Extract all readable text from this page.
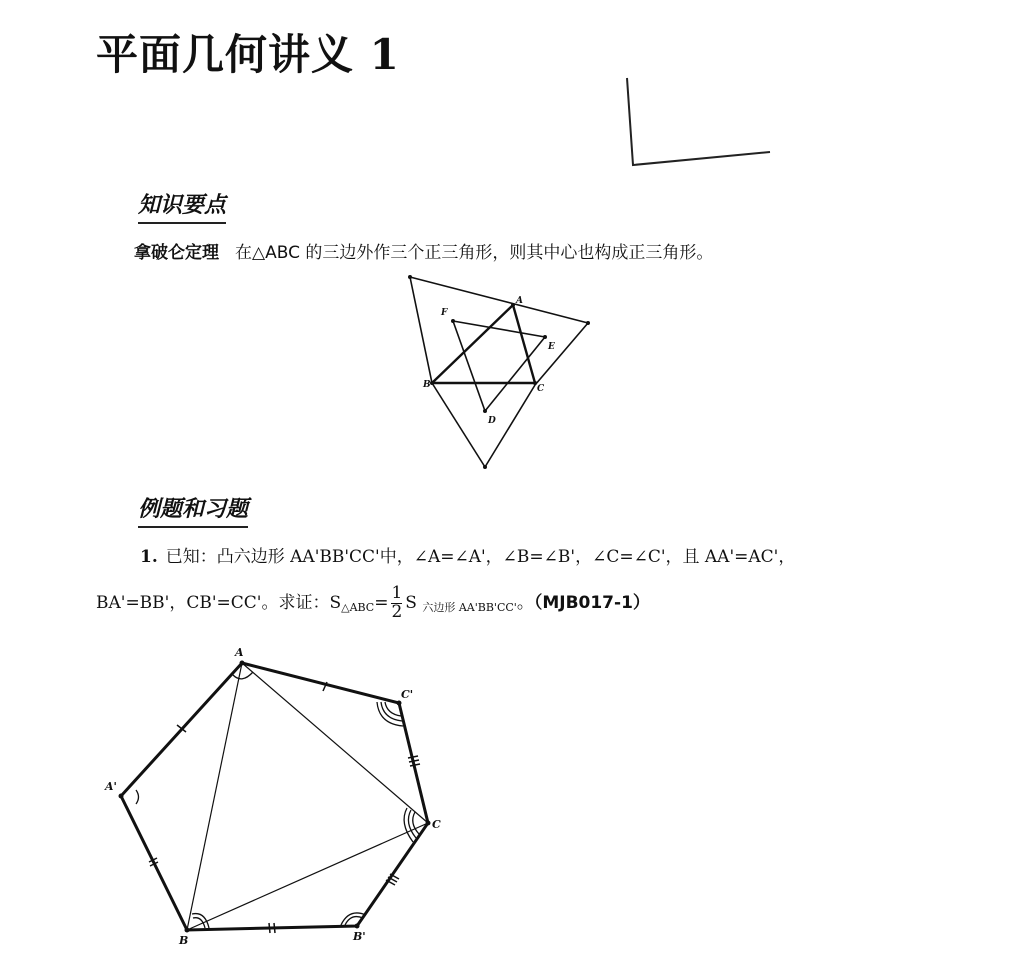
平面几何讲义 1
知识要点
拿破仑定理 在△ABC 的三边外作三个正三角形，则其中心也构成正三角形。
A
B	C
D
E
F
例题和习题
1. 已知：凸六边形 AA'BB'CC'中，∠A=∠A'，∠B=∠B'，∠C=∠C'，且 AA'=AC'，
BA'=BB'，CB'=CC'。求证：$S_{\triangle ABC}= \frac{1}{2}$ S $_{六边形 AA'BB'CC'}$。（MJB017-1）
A
A'
B	B'
C
C'
